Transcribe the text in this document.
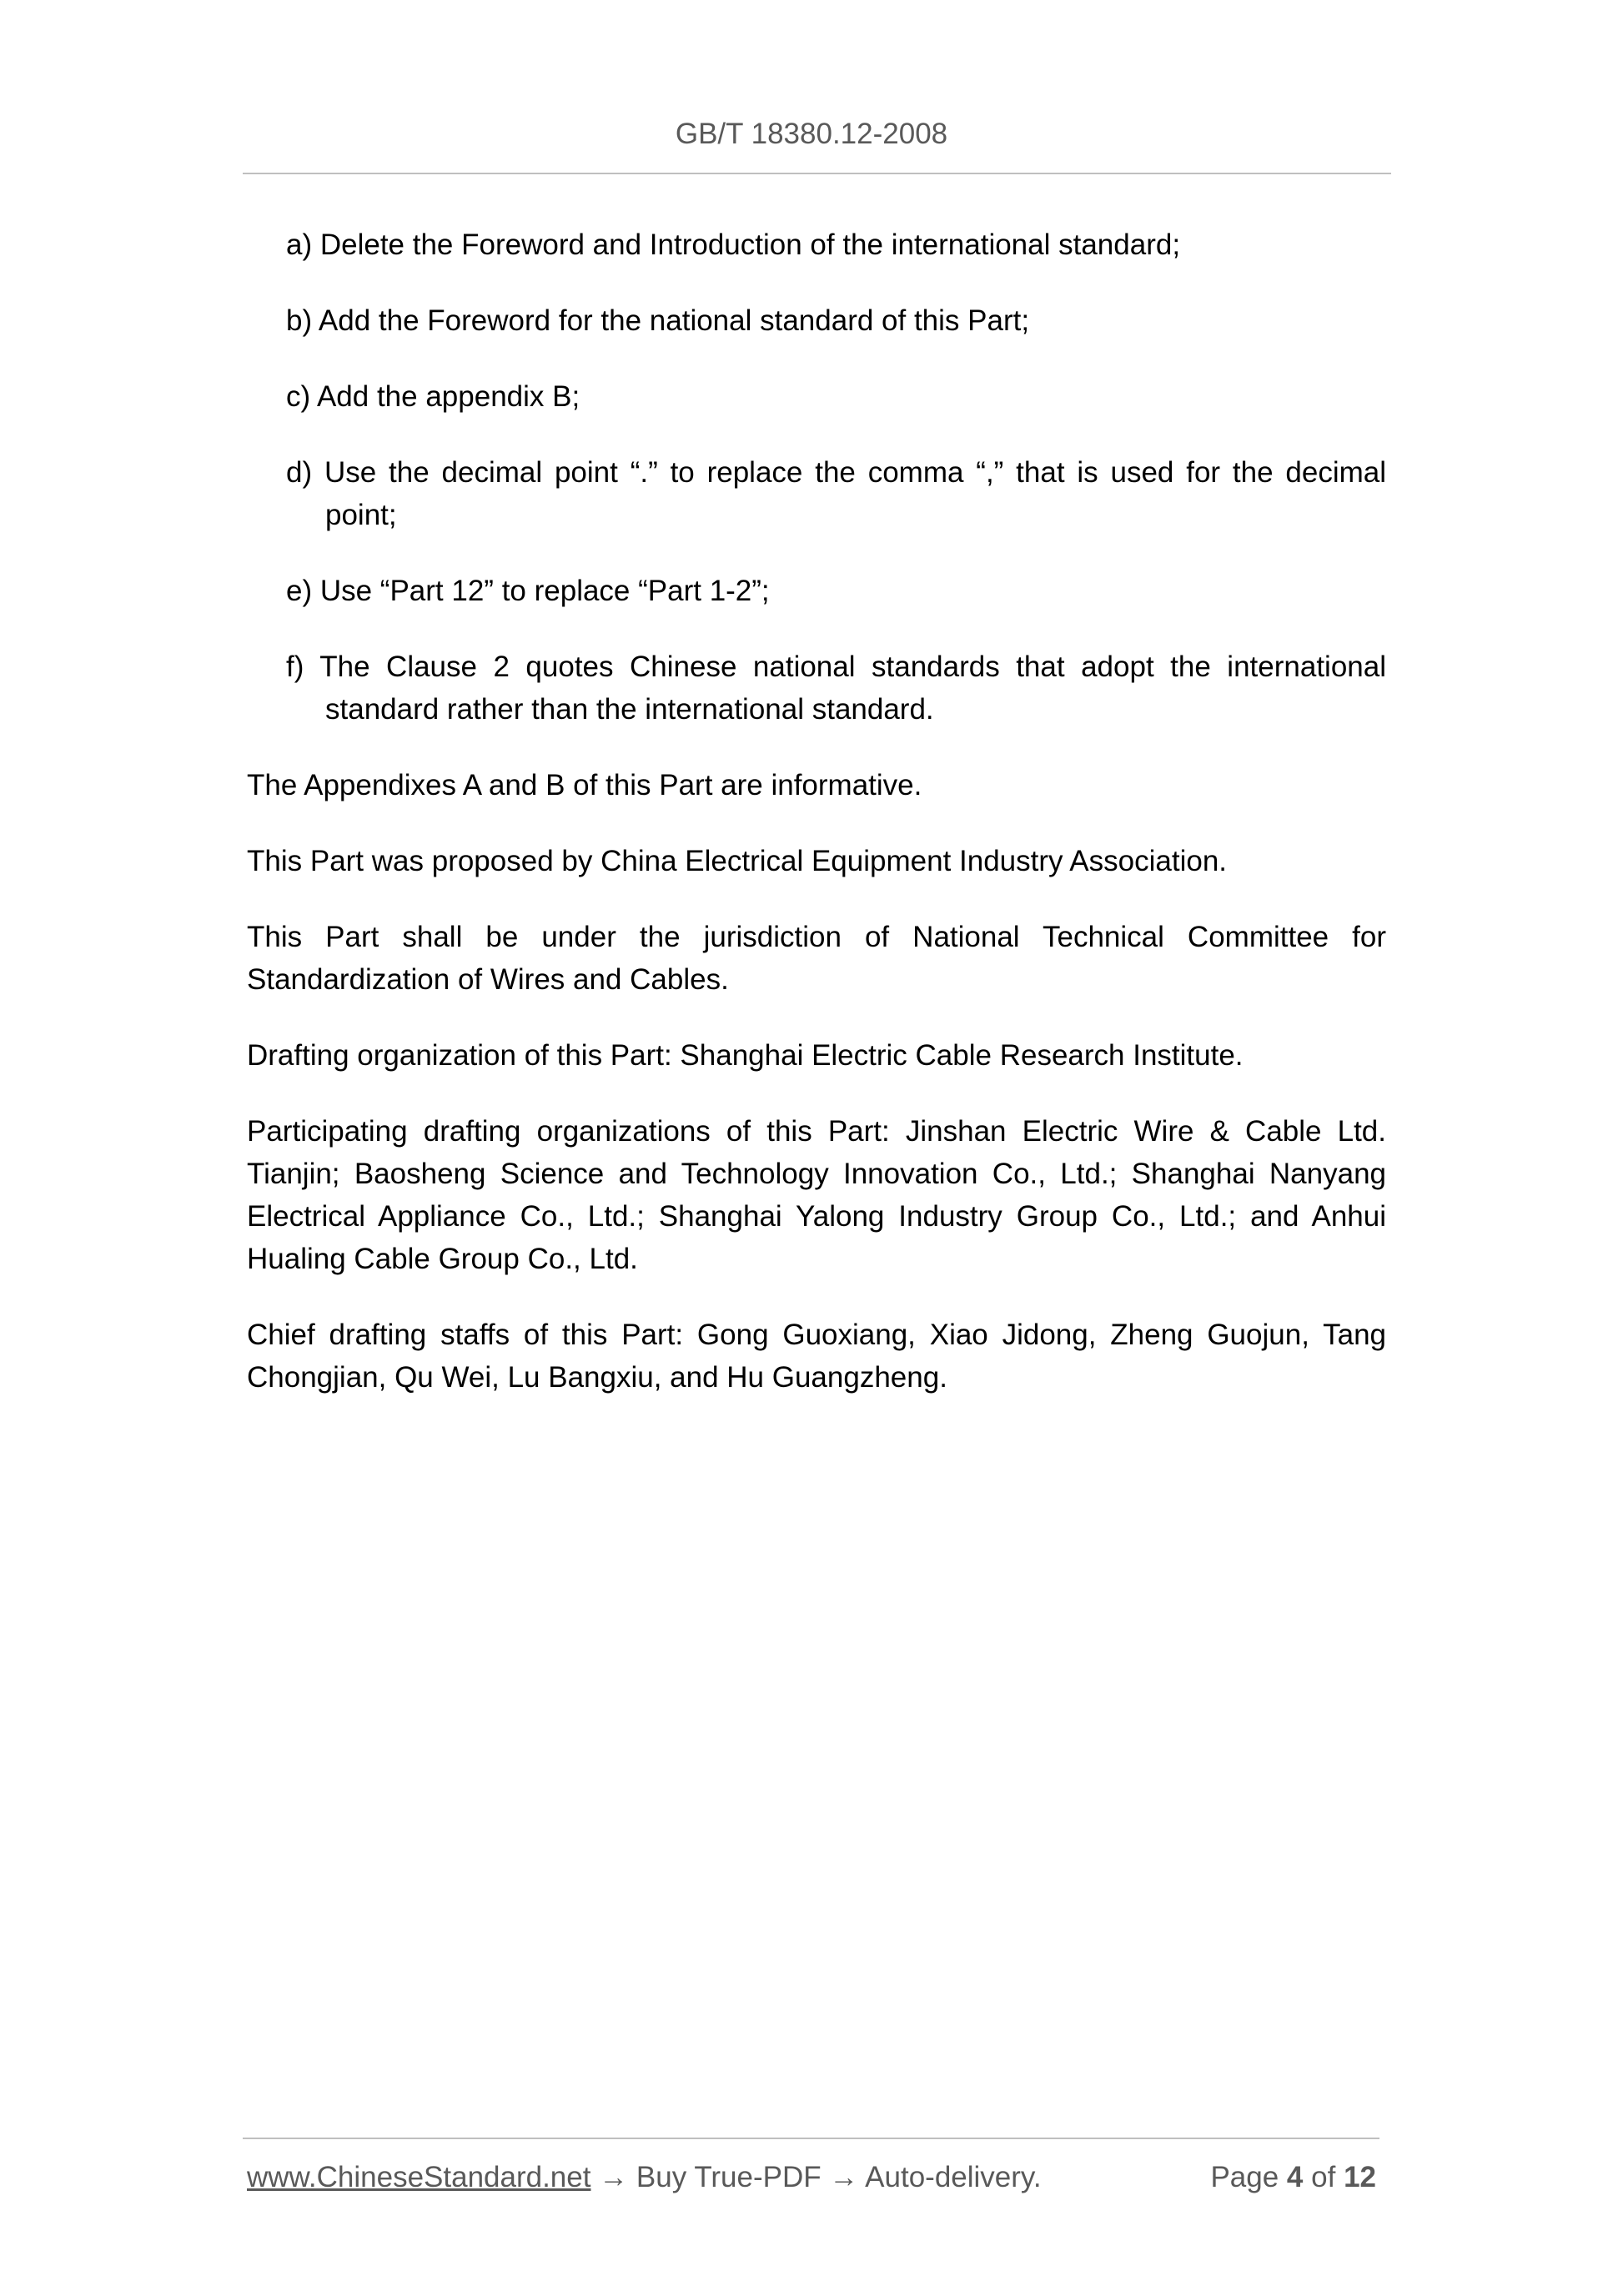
GB/T 18380.12-2008
a) Delete the Foreword and Introduction of the international standard;
b) Add the Foreword for the national standard of this Part;
c) Add the appendix B;
d) Use the decimal point “.” to replace the comma “,” that is used for the decimal point;
e) Use “Part 12” to replace “Part 1-2”;
f) The Clause 2 quotes Chinese national standards that adopt the international standard rather than the international standard.
The Appendixes A and B of this Part are informative.
This Part was proposed by China Electrical Equipment Industry Association.
This Part shall be under the jurisdiction of National Technical Committee for Standardization of Wires and Cables.
Drafting organization of this Part: Shanghai Electric Cable Research Institute.
Participating drafting organizations of this Part: Jinshan Electric Wire & Cable Ltd. Tianjin; Baosheng Science and Technology Innovation Co., Ltd.; Shanghai Nanyang Electrical Appliance Co., Ltd.; Shanghai Yalong Industry Group Co., Ltd.; and Anhui Hualing Cable Group Co., Ltd.
Chief drafting staffs of this Part: Gong Guoxiang, Xiao Jidong, Zheng Guojun, Tang Chongjian, Qu Wei, Lu Bangxiu, and Hu Guangzheng.
www.ChineseStandard.net → Buy True-PDF → Auto-delivery.	Page 4 of 12
